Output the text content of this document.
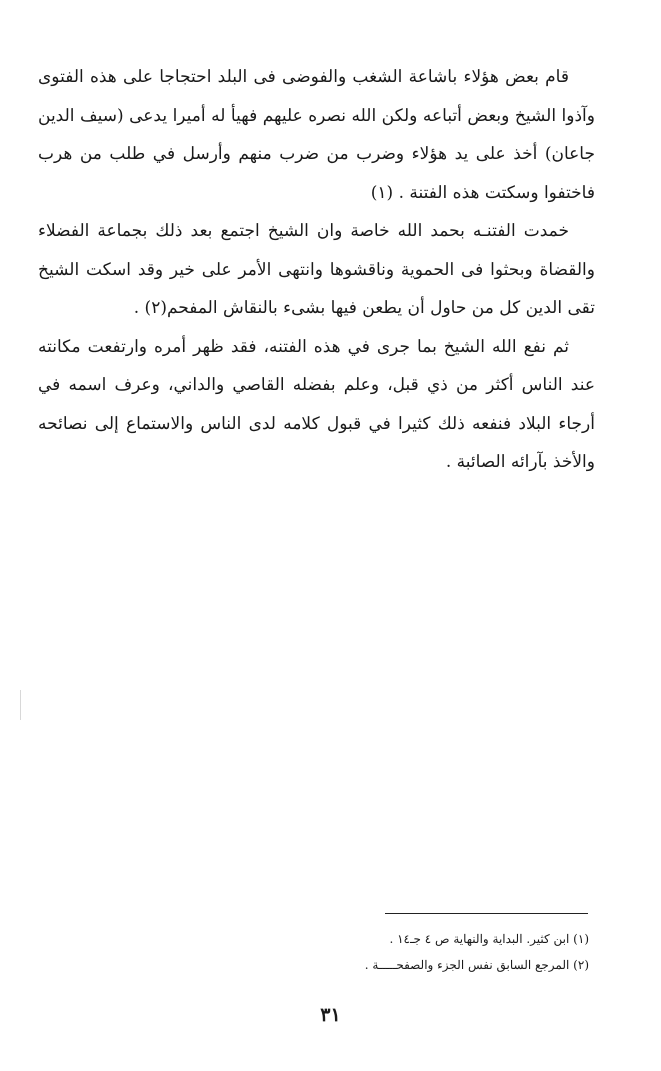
قام بعض هؤلاء باشاعة الشغب والفوضى فى البلد احتجاجا على هذه الفتوى وآذوا الشيخ وبعض أتباعه ولكن الله نصره عليهم فهيأ له أميرا يدعى (سيف الدين جاعان) أخذ على يد هؤلاء وضرب من ضرب منهم وأرسل في طلب من هرب فاختفوا وسكتت هذه الفتنة . (١)

خمدت الفتنـه بحمد الله خاصة وان الشيخ اجتمع بعد ذلك بجماعة الفضلاء والقضاة وبحثوا فى الحموية وناقشوها وانتهى الأمر على خير وقد اسكت الشيخ تقى الدين كل من حاول أن يطعن فيها بشىء بالنقاش المفحم(٢) .

ثم نفع الله الشيخ بما جرى في هذه الفتنه، فقد ظهر أمره وارتفعت مكانته عند الناس أكثر من ذي قبل، وعلم بفضله القاصي والداني، وعرف اسمه في أرجاء البلاد فنفعه ذلك كثيرا في قبول كلامه لدى الناس والاستماع إلى نصائحه والأخذ بآرائه الصائبة .

(١) ابن كثير. البداية والنهاية ص ٤ جـ١٤ .
(٢) المرجع السابق نفس الجزء والصفحـــــة .
٣١
